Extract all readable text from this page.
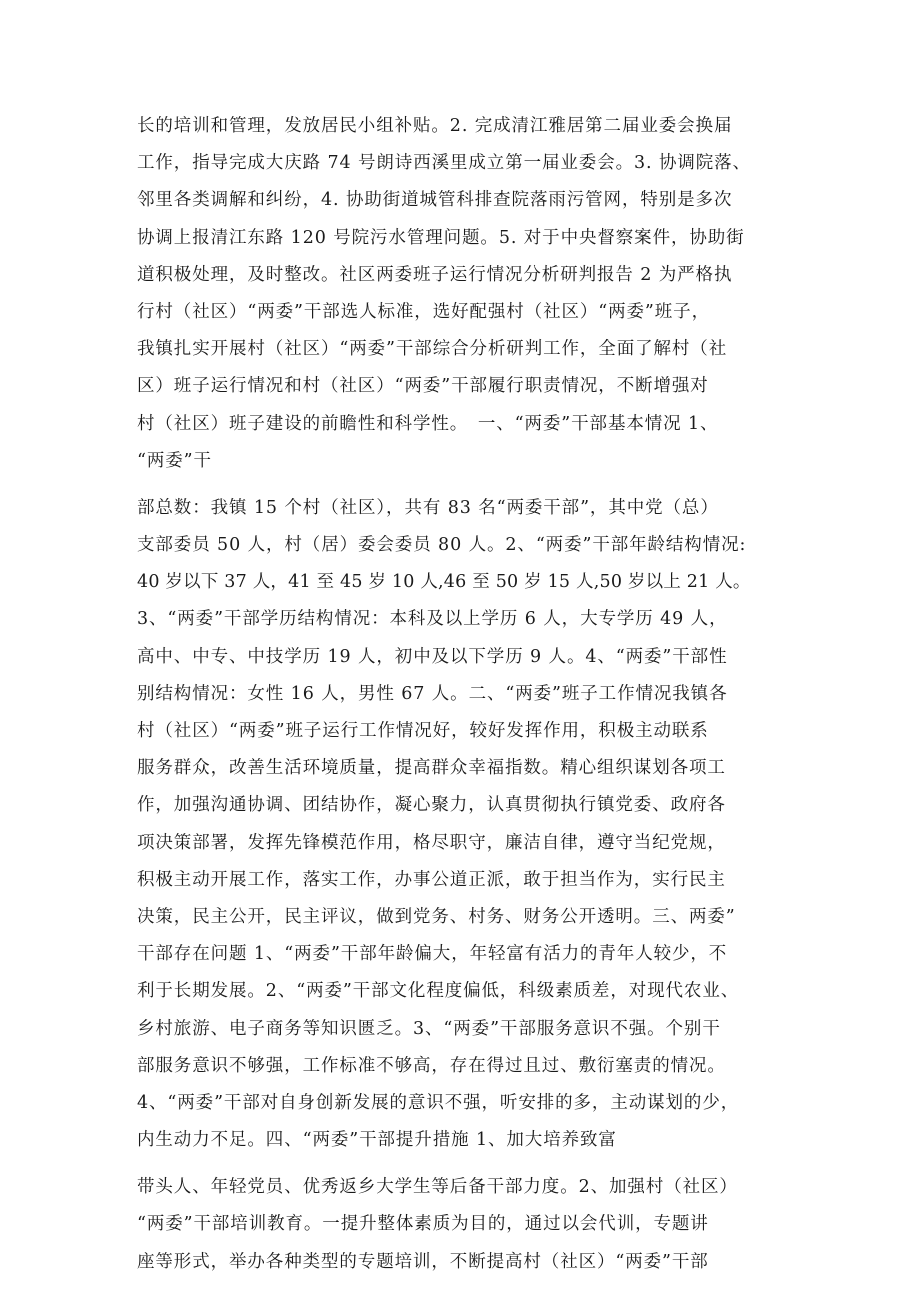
长的培训和管理，发放居民小组补贴。2. 完成清江雅居第二届业委会换届
工作，指导完成大庆路 74 号朗诗西溪里成立第一届业委会。3. 协调院落、
邻里各类调解和纠纷，4. 协助街道城管科排查院落雨污管网，特别是多次
协调上报清江东路 120 号院污水管理问题。5. 对于中央督察案件，协助街
道积极处理，及时整改。社区两委班子运行情况分析研判报告 2 为严格执
行村（社区）“两委”干部选人标准，选好配强村（社区）“两委”班子，
我镇扎实开展村（社区）“两委”干部综合分析研判工作，全面了解村（社
区）班子运行情况和村（社区）“两委”干部履行职责情况，不断增强对
村（社区）班子建设的前瞻性和科学性。　一、“两委”干部基本情况 1、
“两委”干
部总数：我镇 15 个村（社区），共有 83 名“两委干部”，其中党（总）
支部委员 50 人，村（居）委会委员 80 人。2、“两委”干部年龄结构情况:
40 岁以下 37 人，41 至 45 岁 10 人,46 至 50 岁 15 人,50 岁以上 21 人。
3、“两委”干部学历结构情况：本科及以上学历 6 人，大专学历 49 人，
高中、中专、中技学历 19 人，初中及以下学历 9 人。4、“两委”干部性
别结构情况：女性 16 人，男性 67 人。二、“两委”班子工作情况我镇各
村（社区）“两委”班子运行工作情况好，较好发挥作用，积极主动联系
服务群众，改善生活环境质量，提高群众幸福指数。精心组织谋划各项工
作，加强沟通协调、团结协作，凝心聚力，认真贯彻执行镇党委、政府各
项决策部署，发挥先锋模范作用，格尽职守，廉洁自律，遵守当纪党规，
积极主动开展工作，落实工作，办事公道正派，敢于担当作为，实行民主
决策，民主公开，民主评议，做到党务、村务、财务公开透明。三、两委”
干部存在问题 1、“两委”干部年龄偏大，年轻富有活力的青年人较少，不
利于长期发展。2、“两委”干部文化程度偏低，科级素质差，对现代农业、
乡村旅游、电子商务等知识匮乏。3、“两委”干部服务意识不强。个别干
部服务意识不够强，工作标准不够高，存在得过且过、敷衍塞责的情况。
4、“两委”干部对自身创新发展的意识不强，听安排的多，主动谋划的少，
内生动力不足。四、“两委”干部提升措施 1、加大培养致富
带头人、年轻党员、优秀返乡大学生等后备干部力度。2、加强村（社区）
“两委”干部培训教育。一提升整体素质为目的，通过以会代训，专题讲
座等形式，举办各种类型的专题培训，不断提高村（社区）“两委”干部
